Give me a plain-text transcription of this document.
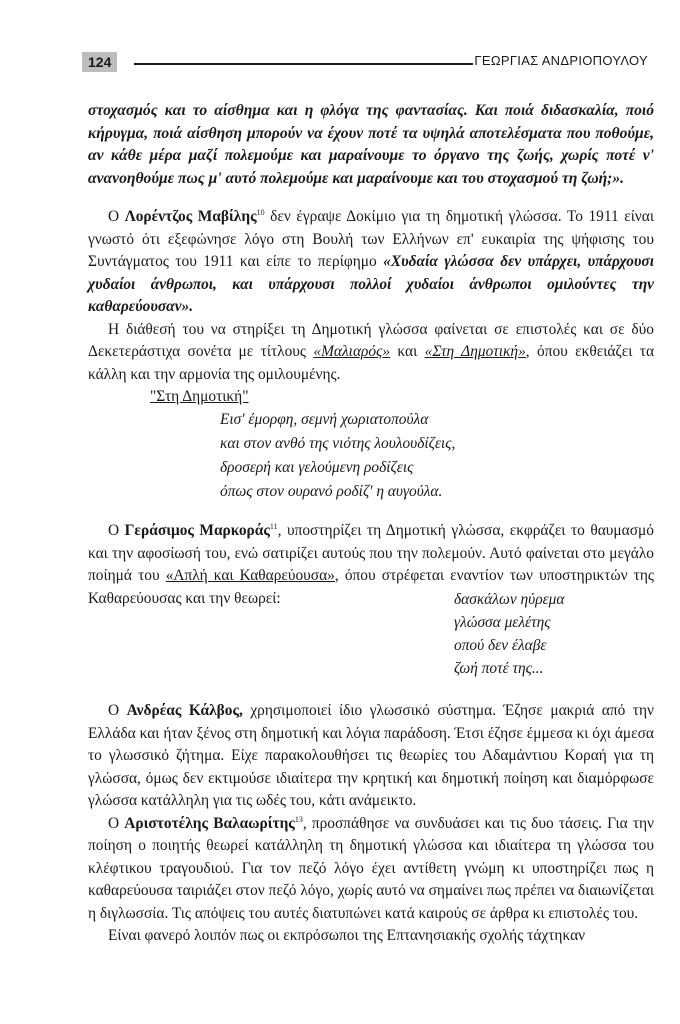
124	ΓΕΩΡΓΙΑΣ ΑΝΔΡΙΟΠΟΥΛΟΥ

στοχασμός και το αίσθημα και η φλόγα της φαντασίας. Και ποιά διδασκαλία, ποιό κήρυγμα, ποιά αίσθηση μπορούν να έχουν ποτέ τα υψηλά αποτελέσματα που ποθούμε, αν κάθε μέρα μαζί πολεμούμε και μαραίνουμε το όργανο της ζωής, χωρίς ποτέ ν' ανανοηθούμε πως μ' αυτό πολεμούμε και μαραίνουμε και του στοχασμού τη ζωή;».

Ο Λορέντζος Μαβίλης$^{10}$ δεν έγραψε Δοκίμιο για τη δημοτική γλώσσα. Το 1911 είναι γνωστό ότι εξεφώνησε λόγο στη Βουλή των Ελλήνων επ' ευκαιρία της ψήφισης του Συντάγματος του 1911 και είπε το περίφημο «Χυδαία γλώσσα δεν υπάρχει, υπάρχουσι χυδαίοι άνθρωποι, και υπάρχουσι πολλοί χυδαίοι άνθρωποι ομιλούντες την καθαρεύουσαν».

Η διάθεσή του να στηρίξει τη Δημοτική γλώσσα φαίνεται σε επιστολές και σε δύο Δεκετεράστιχα σονέτα με τίτλους «Μαλιαρός» και «Στη Δημοτική», όπου εκθειάζει τα κάλλη και την αρμονία της ομιλουμένης.

"Στη Δημοτική"
Εισ' έμορφη, σεμνή χωριατοπούλα
και στον ανθό της νιότης λουλουδίζεις,
δροσερή και γελούμενη ροδίζεις
όπως στον ουρανό ροδίζ' η αυγούλα.

Ο Γεράσιμος Μαρκοράς$^{11}$, υποστηρίζει τη Δημοτική γλώσσα, εκφράζει το θαυμασμό και την αφοσίωσή του, ενώ σατιρίζει αυτούς που την πολεμούν. Αυτό φαίνεται στο μεγάλο ποίημά του «Απλή και Καθαρεύουσα», όπου στρέφεται εναντίον των υποστηρικτών της Καθαρεύουσας και την θεωρεί:	δασκάλων ηύρεμα
γλώσσα μελέτης
οπού δεν έλαβε
ζωή ποτέ της...

Ο Ανδρέας Κάλβος, χρησιμοποιεί ίδιο γλωσσικό σύστημα. Έζησε μακριά από την Ελλάδα και ήταν ξένος στη δημοτική και λόγια παράδοση. Έτσι έζησε έμμεσα κι όχι άμεσα το γλωσσικό ζήτημα. Είχε παρακολουθήσει τις θεωρίες του Αδαμάντιου Κοραή για τη γλώσσα, όμως δεν εκτιμούσε ιδιαίτερα την κρητική και δημοτική ποίηση και διαμόρφωσε γλώσσα κατάλληλη για τις ωδές του, κάτι ανάμεικτο.

Ο Αριστοτέλης Βαλαωρίτης$^{13}$, προσπάθησε να συνδυάσει και τις δυο τάσεις. Για την ποίηση ο ποιητής θεωρεί κατάλληλη τη δημοτική γλώσσα και ιδιαίτερα τη γλώσσα του κλέφτικου τραγουδιού. Για τον πεζό λόγο έχει αντίθετη γνώμη κι υποστηρίζει πως η καθαρεύουσα ταιριάζει στον πεζό λόγο, χωρίς αυτό να σημαίνει πως πρέπει να διαιωνίζεται η διγλωσσία. Τις απόψεις του αυτές διατυπώνει κατά καιρούς σε άρθρα κι επιστολές του.

Είναι φανερό λοιπόν πως οι εκπρόσωποι της Επτανησιακής σχολής τάχτηκαν
